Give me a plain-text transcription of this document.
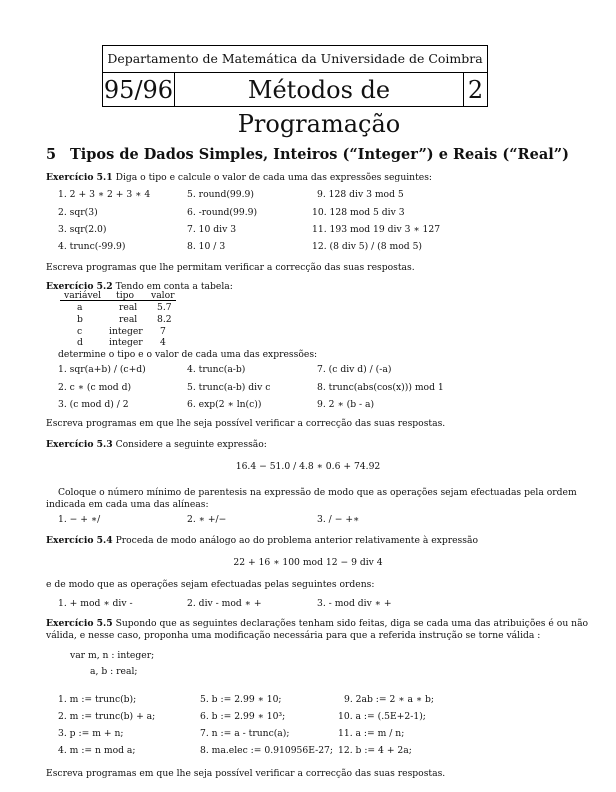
Departamento de Matemática da Universidade de Coimbra
95/96	Métodos de Programação
2
5 Tipos de Dados Simples, Inteiros (“Integer”) e Reais (“Real”)
Exercício 5.1 Diga o tipo e calcule o valor de cada uma das expressões seguintes:
1. 2 + 3 ∗ 2 + 3 ∗ 4	5. round(99.9)	9. 128 div 3 mod 5
2. sqr(3)	6. -round(99.9)	10. 128 mod 5 div 3
3. sqr(2.0)	7. 10 div 3	11. 193 mod 19 div 3 ∗ 127
4. trunc(-99.9)	8. 10 / 3	12. (8 div 5) / (8 mod 5)
Escreva programas que lhe permitam verificar a correcção das suas respostas.
Exercício 5.2 Tendo em conta a tabela:
variável tipo valor
a	real 5.7
b	real 8.2
c	integer 7
d	integer 4
determine o tipo e o valor de cada uma das expressões:
1. sqr(a+b) / (c+d)	4. trunc(a-b)	7. (c div d) / (-a)
2. c ∗ (c mod d)	5. trunc(a-b) div c	8. trunc(abs(cos(x))) mod 1
3. (c mod d) / 2	6. exp(2 ∗ ln(c))	9. 2 ∗ (b - a)
Escreva programas em que lhe seja possível verificar a correcção das suas respostas.
Exercício 5.3 Considere a seguinte expressão:
16.4 − 51.0 / 4.8 ∗ 0.6 + 74.92
Coloque o número mínimo de parentesis na expressão de modo que as operações sejam efectuadas pela ordem
indicada em cada uma das alíneas:
1. − + ∗/	2. ∗ +/−	3. / − +∗
Exercício 5.4 Proceda de modo análogo ao do problema anterior relativamente à expressão
22 + 16 ∗ 100 mod 12 − 9 div 4
e de modo que as operações sejam efectuadas pelas seguintes ordens:
1. + mod ∗ div -	2. div - mod ∗ +	3. - mod div ∗ +
Exercício 5.5 Supondo que as seguintes declarações tenham sido feitas, diga se cada uma das atribuições é ou não
válida, e nesse caso, proponha uma modificação necessária para que a referida instrução se torne válida :
var m, n : integer;
a, b : real;
1. m := trunc(b);	5. b := 2.99 ∗ 10;	9. 2ab := 2 ∗ a ∗ b;
2. m := trunc(b) + a;	6. b := 2.99 ∗ 10³;	10. a := (.5E+2-1);
3. p := m + n;	7. n := a - trunc(a);	11. a := m / n;
4. m := n mod a;	8. ma.elec := 0.910956E-27; 12. b := 4 + 2a;
Escreva programas em que lhe seja possível verificar a correcção das suas respostas.
